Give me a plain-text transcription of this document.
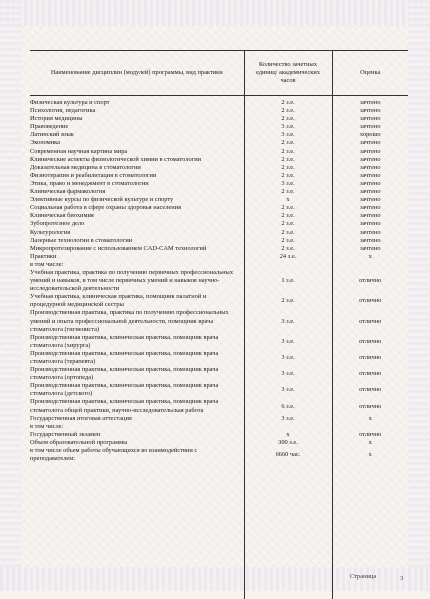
Наименование дисциплин (модулей) программы, вид практики	Количество зачетных единиц/ академических часов	Оценка

Физическая культура и спорт	2 з.е.	зачтено
Психология, педагогика	2 з.е.	зачтено
История медицины	2 з.е.	зачтено
Правоведение	3 з.е.	зачтено
Латинский язык	3 з.е.	хорошо
Экономика	2 з.е.	зачтено
Современная научная картина мира	2 з.е.	зачтено
Клинические аспекты физиологической химии в стоматологии	2 з.е.	зачтено
Доказательная медицина в стоматологии	2 з.е.	зачтено
Физиотерапия и реабилитация в стоматологии	2 з.е.	зачтено
Этика, право и менеджмент в стоматологии	3 з.е.	зачтено
Клиническая фармакология	2 з.е.	зачтено
Элективные курсы по физической культуре и спорту	х	зачтено
Социальная работа в сфере охраны здоровья населения	2 з.е.	зачтено
Клиническая биохимия	2 з.е.	зачтено
Зубопротезное дело	2 з.е.	зачтено
Культурология	2 з.е.	зачтено
Лазерные технологии в стоматологии	2 з.е.	зачтено
Микропротезирование с использованием CAD-CAM технологий	2 з.е.	зачтено
Практики	24 з.е.	х
в том числе:		
Учебная практика, практика по получению первичных профессиональных умений и навыков, в том числе первичных умений и навыков научно-исследовательской деятельности	1 з.е.	отлично
Учебная практика, клиническая практика, помощник палатной и процедурной медицинской сестры	2 з.е.	отлично
Производственная практика, практика по получению профессиональных умений и опыта профессиональной деятельности, помощник врача стоматолога (гигиениста)	3 з.е.	отлично
Производственная практика, клиническая практика, помощник врача стоматолога (хирурга)	3 з.е.	отлично
Производственная практика, клиническая практика, помощник врача стоматолога (терапевта)	3 з.е.	отлично
Производственная практика, клиническая практика, помощник врача стоматолога (ортопеда)	3 з.е.	отлично
Производственная практика, клиническая практика, помощник врача стоматолога (детского)	3 з.е.	отлично
Производственная практика, клиническая практика, помощник врача стоматолога общей практики, научно-исследовательская работа	6 з.е.	отлично
Государственная итоговая аттестация	3 з.е.	х
в том числе:		
Государственный экзамен	х	отлично
Объем образовательной программы	300 з.е.	х
в том числе объем работы обучающихся во взаимодействии с преподавателем:	6660 час.	х

Страница	3
